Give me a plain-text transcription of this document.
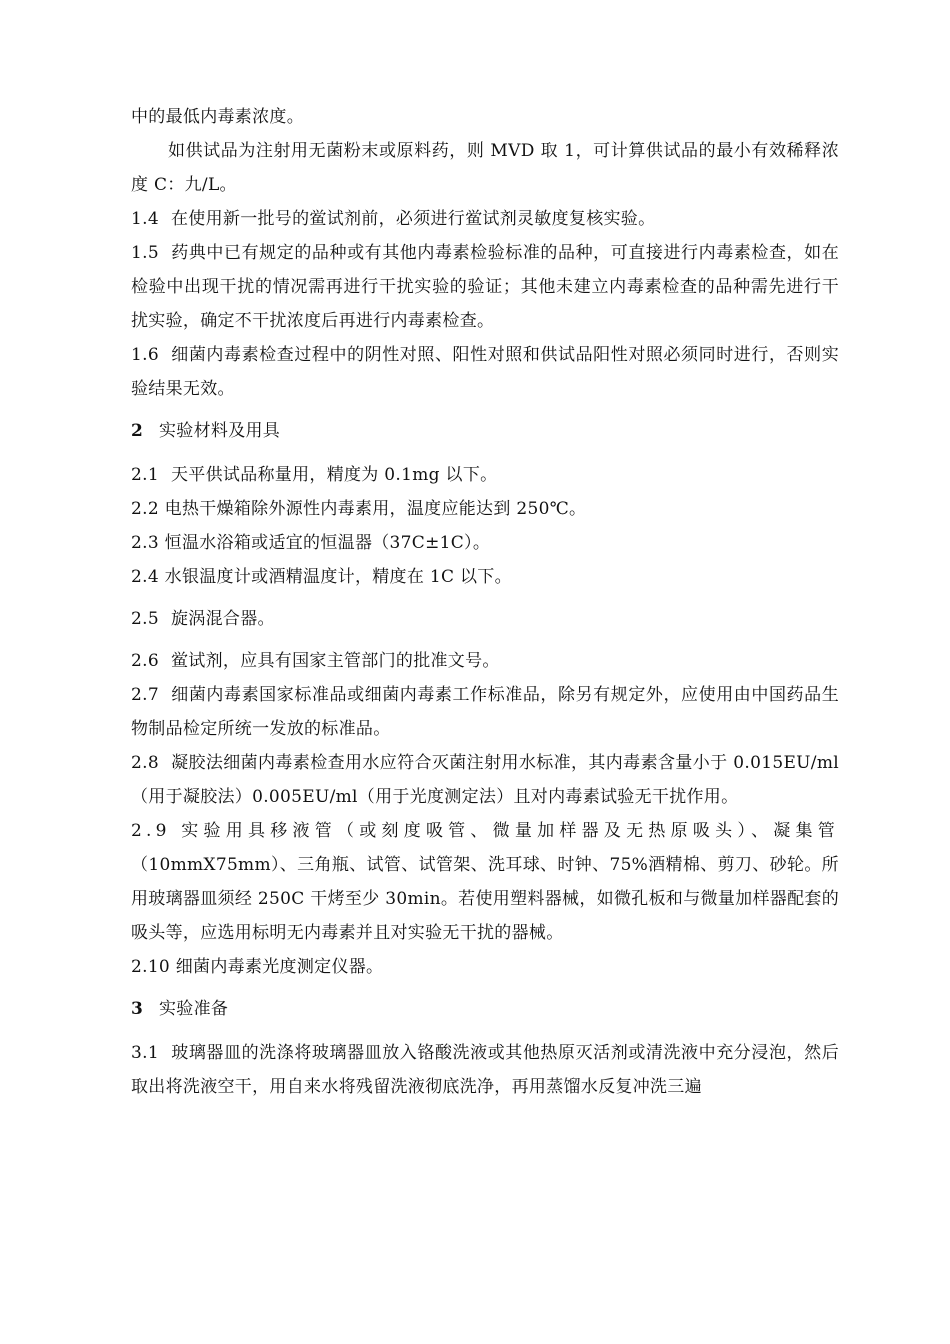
中的最低内毒素浓度。

如供试品为注射用无菌粉末或原料药，则 MVD 取 1，可计算供试品的最小有效稀释浓度 C：九/L。

1.4 在使用新一批号的鲎试剂前，必须进行鲎试剂灵敏度复核实验。

1.5 药典中已有规定的品种或有其他内毒素检验标准的品种，可直接进行内毒素检查，如在检验中出现干扰的情况需再进行干扰实验的验证；其他未建立内毒素检查的品种需先进行干扰实验，确定不干扰浓度后再进行内毒素检查。

1.6 细菌内毒素检查过程中的阴性对照、阳性对照和供试品阳性对照必须同时进行，否则实验结果无效。

2 实验材料及用具

2.1 天平供试品称量用，精度为 0.1mg 以下。

2.2 电热干燥箱除外源性内毒素用，温度应能达到 250℃。

2.3 恒温水浴箱或适宜的恒温器（37C±1C）。

2.4 水银温度计或酒精温度计，精度在 1C 以下。

2.5 旋涡混合器。

2.6 鲎试剂，应具有国家主管部门的批准文号。

2.7 细菌内毒素国家标准品或细菌内毒素工作标准品，除另有规定外，应使用由中国药品生物制品检定所统一发放的标准品。

2.8 凝胶法细菌内毒素检查用水应符合灭菌注射用水标准，其内毒素含量小于 0.015EU/ml（用于凝胶法）0.005EU/ml（用于光度测定法）且对内毒素试验无干扰作用。

2.9 实验用具移液管（或刻度吸管、微量加样器及无热原吸头）、凝集管（10mmX75mm）、三角瓶、试管、试管架、洗耳球、时钟、75%酒精棉、剪刀、砂轮。所用玻璃器皿须经 250C 干烤至少 30min。若使用塑料器械，如微孔板和与微量加样器配套的吸头等，应选用标明无内毒素并且对实验无干扰的器械。

2.10 细菌内毒素光度测定仪器。

3 实验准备

3.1 玻璃器皿的洗涤将玻璃器皿放入铬酸洗液或其他热原灭活剂或清洗液中充分浸泡，然后取出将洗液空干，用自来水将残留洗液彻底洗净，再用蒸馏水反复冲洗三遍
